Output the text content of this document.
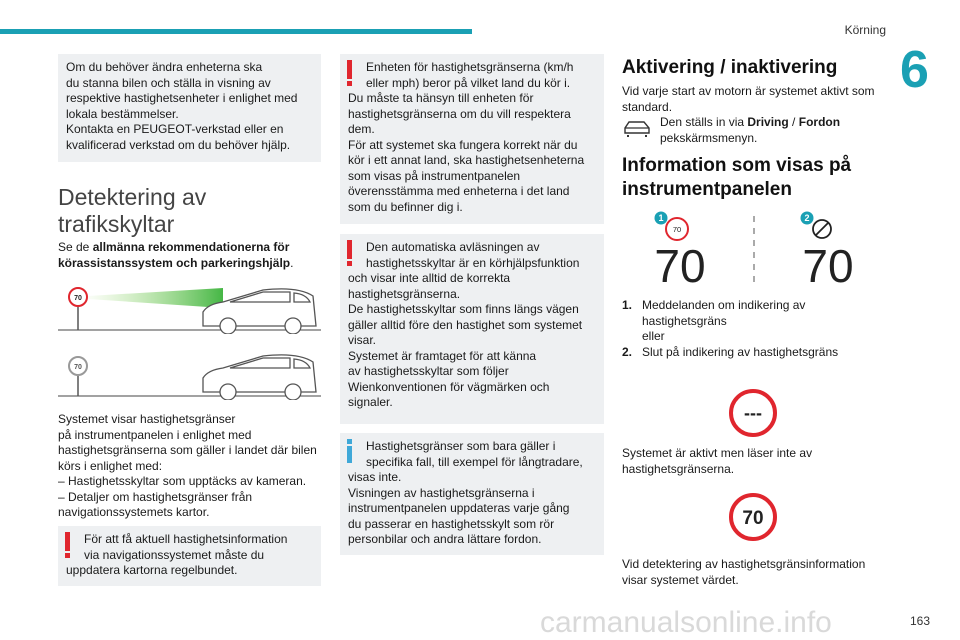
Körning
6

Om du behöver ändra enheterna ska

du stanna bilen och ställa in visning av

respektive hastighetsenheter i enlighet med

lokala bestämmelser.

Kontakta en PEUGEOT-verkstad eller en

kvalificerad verkstad om du behöver hjälp.

Detektering av
trafikskyltar
Se de allmänna rekommendationerna för
körassistanssystem och parkeringshjälp.
70
70
Systemet visar hastighetsgränser
på instrumentpanelen i enlighet med
hastighetsgränserna som gäller i landet där bilen
körs i enlighet med:
– Hastighetsskyltar som upptäcks av kameran.
– Detaljer om hastighetsgränser från
navigationssystemets kartor.

För att få aktuell hastighetsinformation

via navigationssystemet måste du

uppdatera kartorna regelbundet.

Enheten för hastighetsgränserna (km/h

eller mph) beror på vilket land du kör i.

Du måste ta hänsyn till enheten för

hastighetsgränserna om du vill respektera

dem.

För att systemet ska fungera korrekt när du

kör i ett annat land, ska hastighetsenheterna

som visas på instrumentpanelen

överensstämma med enheterna i det land

som du befinner dig i.

Den automatiska avläsningen av

hastighetsskyltar är en körhjälpsfunktion

och visar inte alltid de korrekta

hastighetsgränserna.

De hastighetsskyltar som finns längs vägen

gäller alltid före den hastighet som systemet

visar.

Systemet är framtaget för att känna

av hastighetsskyltar som följer

Wienkonventionen för vägmärken och

signaler.

Hastighetsgränser som bara gäller i

specifika fall, till exempel för långtradare,

visas inte.

Visningen av hastighetsgränserna i

instrumentpanelen uppdateras varje gång

du passerar en hastighetsskylt som rör

personbilar och andra lättare fordon.

Aktivering / inaktivering
Vid varje start av motorn är systemet aktivt som
standard.
Den ställs in via Driving / Fordon
pekskärmsmenyn.
Information som visas på
instrumentpanelen
1
70
70
2
70
1. Meddelanden om indikering av
hastighetsgräns
eller
2. Slut på indikering av hastighetsgräns
---
Systemet är aktivt men läser inte av
hastighetsgränserna.
70
Vid detektering av hastighetsgränsinformation
visar systemet värdet.
carmanualsonline.info	163
